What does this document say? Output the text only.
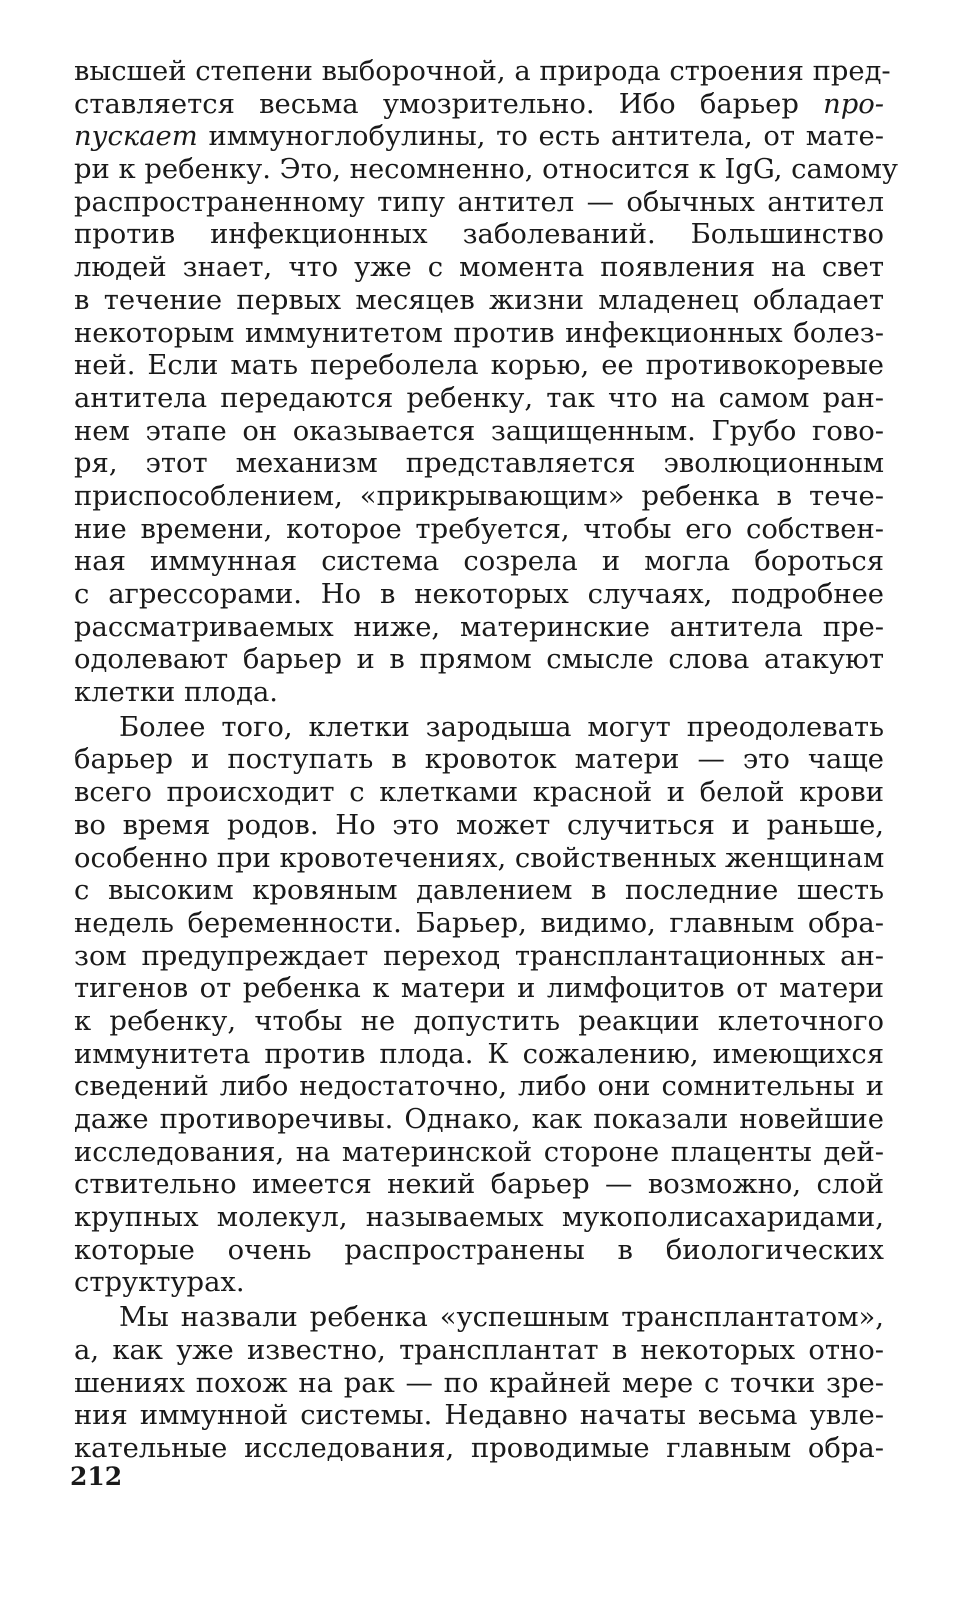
высшей степени выборочной, а природа строения пред-
ставляется весьма умозрительно. Ибо барьер про-
пускает иммуноглобулины, то есть антитела, от мате-
ри к ребенку. Это, несомненно, относится к IgG, самому
распространенному типу антител — обычных антител
против инфекционных заболеваний. Большинство
людей знает, что уже с момента появления на свет
в течение первых месяцев жизни младенец обладает
некоторым иммунитетом против инфекционных болез-
ней. Если мать переболела корью, ее противокоревые
антитела передаются ребенку, так что на самом ран-
нем этапе он оказывается защищенным. Грубо гово-
ря, этот механизм представляется эволюционным
приспособлением, «прикрывающим» ребенка в тече-
ние времени, которое требуется, чтобы его собствен-
ная иммунная система созрела и могла бороться
с агрессорами. Но в некоторых случаях, подробнее
рассматриваемых ниже, материнские антитела пре-
одолевают барьер и в прямом смысле слова атакуют
клетки плода.
Более того, клетки зародыша могут преодолевать
барьер и поступать в кровоток матери — это чаще
всего происходит с клетками красной и белой крови
во время родов. Но это может случиться и раньше,
особенно при кровотечениях, свойственных женщинам
с высоким кровяным давлением в последние шесть
недель беременности. Барьер, видимо, главным обра-
зом предупреждает переход трансплантационных ан-
тигенов от ребенка к матери и лимфоцитов от матери
к ребенку, чтобы не допустить реакции клеточного
иммунитета против плода. К сожалению, имеющихся
сведений либо недостаточно, либо они сомнительны и
даже противоречивы. Однако, как показали новейшие
исследования, на материнской стороне плаценты дей-
ствительно имеется некий барьер — возможно, слой
крупных молекул, называемых мукополисахаридами,
которые очень распространены в биологических
структурах.
Мы назвали ребенка «успешным трансплантатом»,
а, как уже известно, трансплантат в некоторых отно-
шениях похож на рак — по крайней мере с точки зре-
ния иммунной системы. Недавно начаты весьма увле-
кательные исследования, проводимые главным обра-
212
